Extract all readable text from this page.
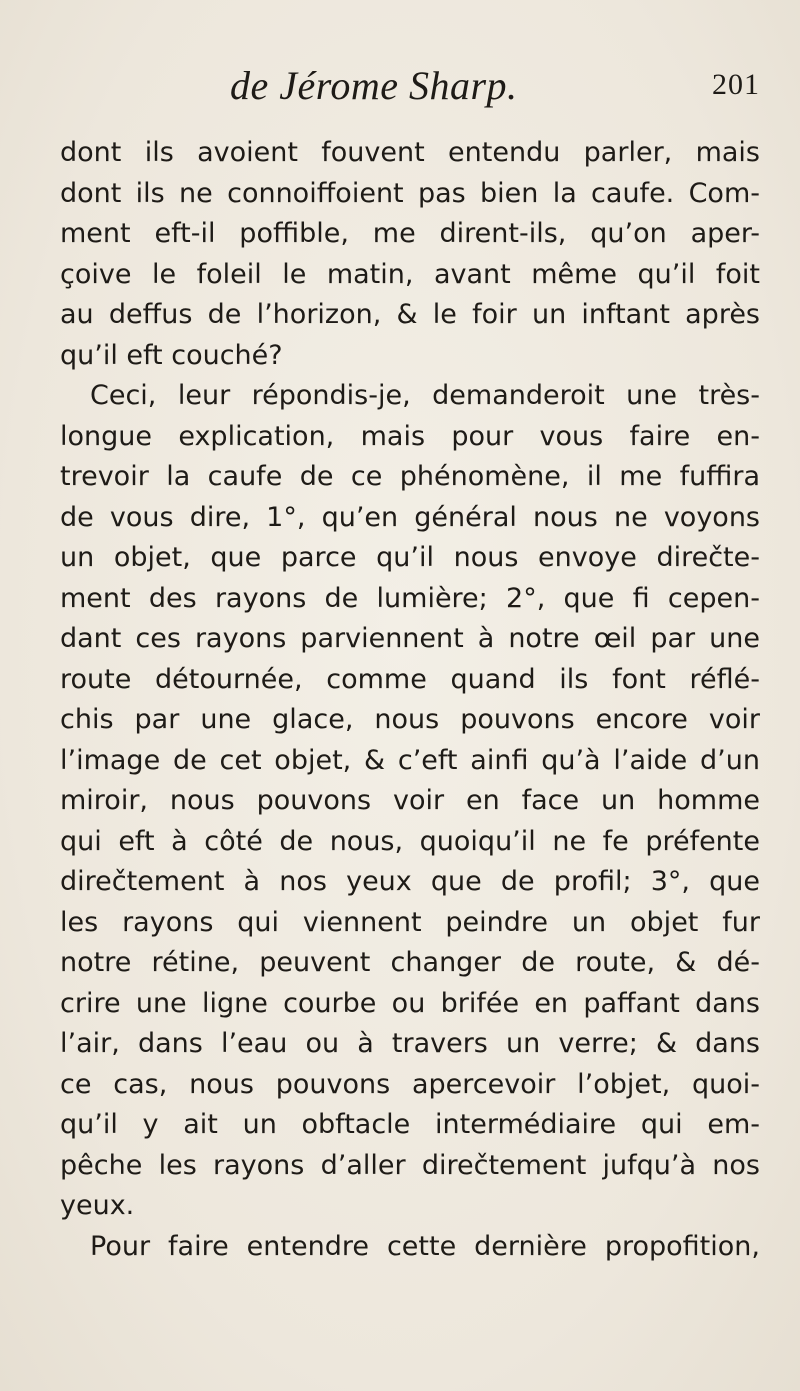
de Jérome Sharp.	201
dont ils avoient fouvent entendu parler, mais
dont ils ne connoiffoient pas bien la caufe. Com-
ment eft-il poffible, me dirent-ils, qu’on aper-
çoive le foleil le matin, avant même qu’il foit
au deffus de l’horizon, & le foir un inftant après
qu’il eft couché?
Ceci, leur répondis-je, demanderoit une très-
longue explication, mais pour vous faire en-
trevoir la caufe de ce phénomène, il me fuffira
de vous dire, 1°, qu’en général nous ne voyons
un objet, que parce qu’il nous envoye direčte-
ment des rayons de lumière; 2°, que fi cepen-
dant ces rayons parviennent à notre œil par une
route détournée, comme quand ils font réflé-
chis par une glace, nous pouvons encore voir
l’image de cet objet, & c’eft ainfi qu’à l’aide d’un
miroir, nous pouvons voir en face un homme
qui eft à côté de nous, quoiqu’il ne fe préfente
direčtement à nos yeux que de profil; 3°, que
les rayons qui viennent peindre un objet fur
notre rétine, peuvent changer de route, & dé-
crire une ligne courbe ou brifée en paffant dans
l’air, dans l’eau ou à travers un verre; & dans
ce cas, nous pouvons apercevoir l’objet, quoi-
qu’il y ait un obftacle intermédiaire qui em-
pêche les rayons d’aller direčtement jufqu’à nos
yeux.
Pour faire entendre cette dernière propofition,
